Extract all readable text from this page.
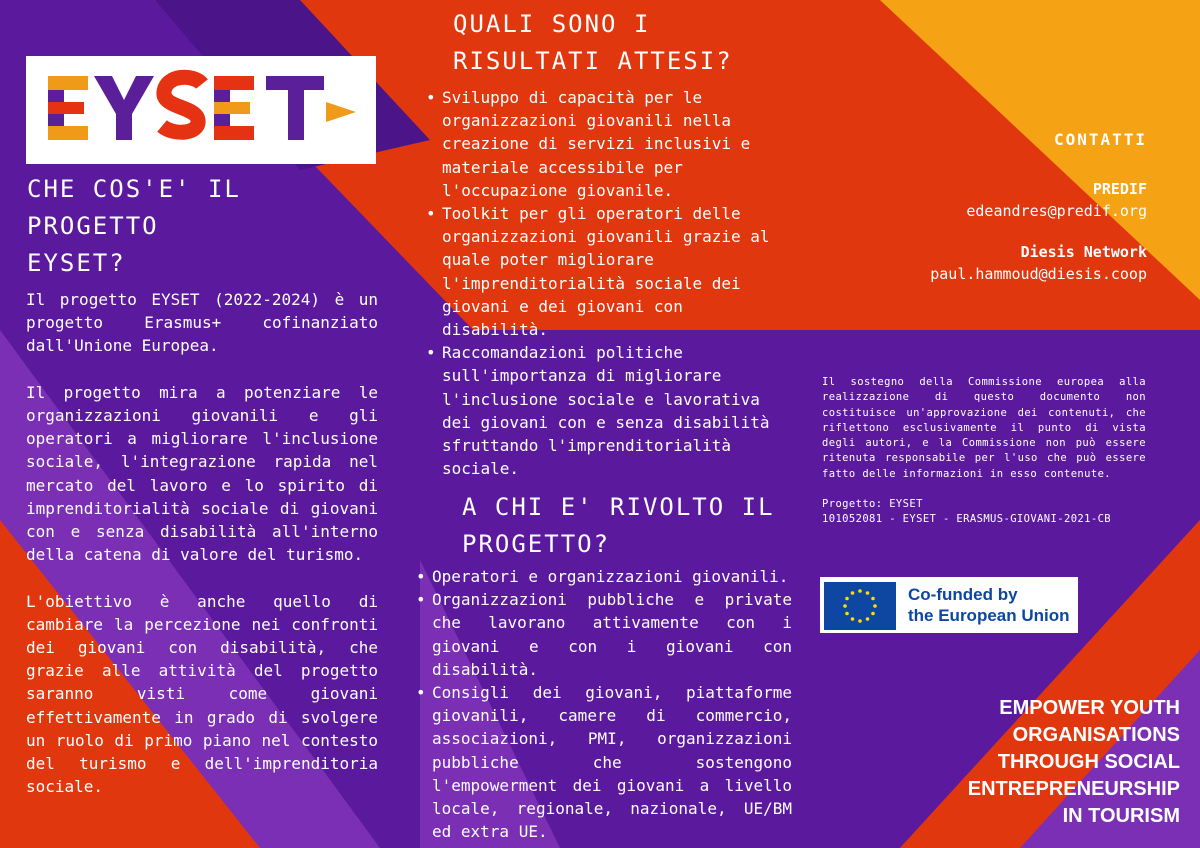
CHE COS'E' IL
PROGETTO
EYSET?

Il progetto EYSET (2022-2024) è un progetto Erasmus+ cofinanziato dall'Unione Europea.

Il progetto mira a potenziare le organizzazioni giovanili e gli operatori a migliorare l'inclusione sociale, l'integrazione rapida nel mercato del lavoro e lo spirito di imprenditorialità sociale di giovani con e senza disabilità all'interno della catena di valore del turismo.

L'obiettivo è anche quello di cambiare la percezione nei confronti dei giovani con disabilità, che grazie alle attività del progetto saranno visti come giovani effettivamente in grado di svolgere un ruolo di primo piano nel contesto del turismo e dell'imprenditoria sociale.

QUALI SONO I
RISULTATI ATTESI?
• Sviluppo di capacità per le organizzazioni giovanili nella creazione di servizi inclusivi e materiale accessibile per l'occupazione giovanile.
• Toolkit per gli operatori delle organizzazioni giovanili grazie al quale poter migliorare l'imprenditorialità sociale dei giovani e dei giovani con disabilità.
• Raccomandazioni politiche sull'importanza di migliorare l'inclusione sociale e lavorativa dei giovani con e senza disabilità sfruttando l'imprenditorialità sociale.
A CHI E' RIVOLTO IL
PROGETTO?
• Operatori e organizzazioni giovanili.
• Organizzazioni pubbliche e private che lavorano attivamente con i giovani e con i giovani con disabilità.
• Consigli dei giovani, piattaforme giovanili, camere di commercio, associazioni, PMI, organizzazioni pubbliche che sostengono l'empowerment dei giovani a livello locale, regionale, nazionale, UE/BM ed extra UE.
CONTATTI
PREDIF
edeandres@predif.org
Diesis Network
paul.hammoud@diesis.coop
Il sostegno della Commissione europea alla realizzazione di questo documento non costituisce un'approvazione dei contenuti, che riflettono esclusivamente il punto di vista degli autori, e la Commissione non può essere ritenuta responsabile per l'uso che può essere fatto delle informazioni in esso contenute.
Progetto: EYSET
101052081 - EYSET - ERASMUS-GIOVANI-2021-CB
Co-funded by
the European Union
EMPOWER YOUTH
ORGANISATIONS
THROUGH SOCIAL
ENTREPRENEURSHIP
IN TOURISM
